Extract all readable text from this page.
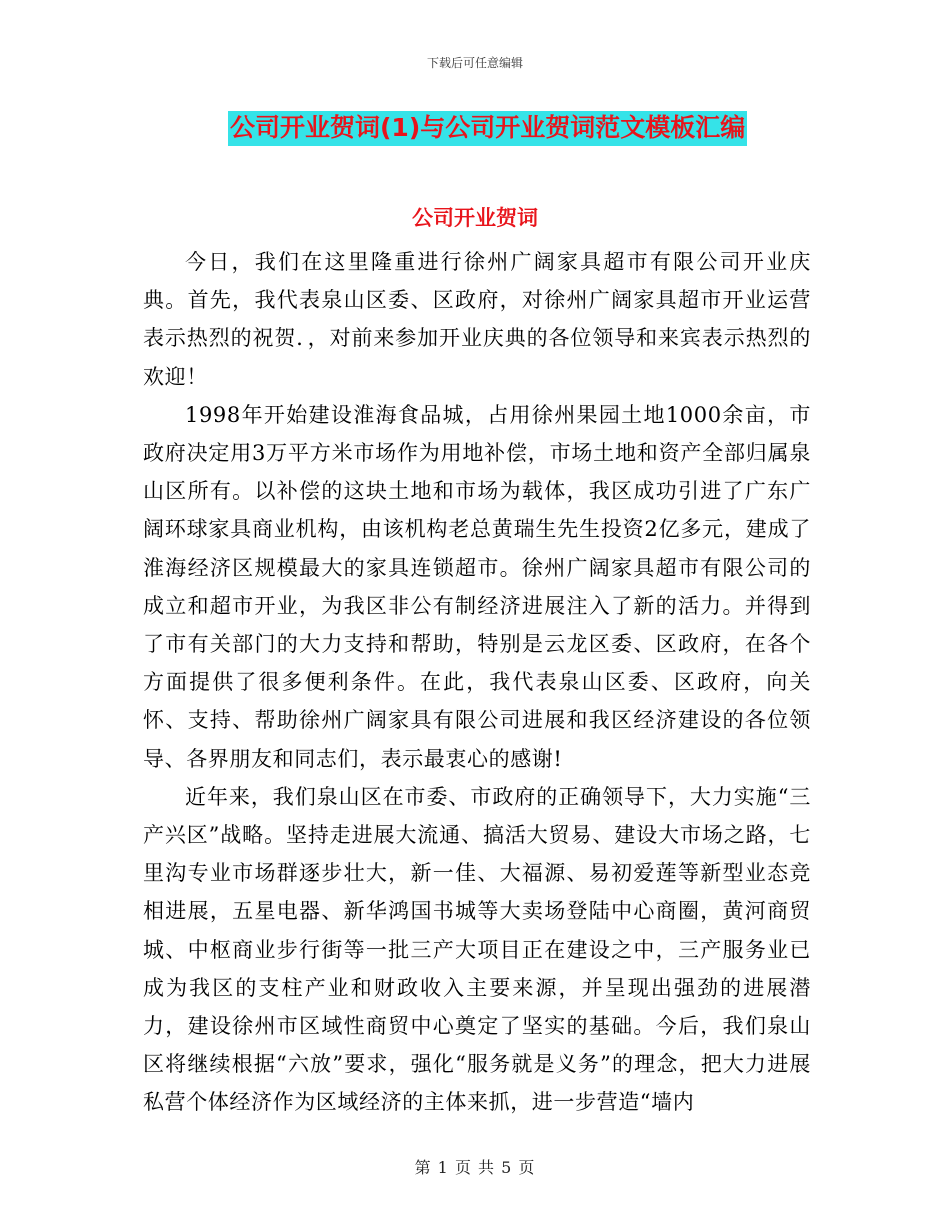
下载后可任意编辑
公司开业贺词(1)与公司开业贺词范文模板汇编
公司开业贺词

今日，我们在这里隆重进行徐州广阔家具超市有限公司开业庆典。首先，我代表泉山区委、区政府，对徐州广阔家具超市开业运营表示热烈的祝贺．，对前来参加开业庆典的各位领导和来宾表示热烈的欢迎！

1998年开始建设淮海食品城，占用徐州果园土地1000余亩，市政府决定用3万平方米市场作为用地补偿，市场土地和资产全部归属泉山区所有。以补偿的这块土地和市场为载体，我区成功引进了广东广阔环球家具商业机构，由该机构老总黄瑞生先生投资2亿多元，建成了淮海经济区规模最大的家具连锁超市。徐州广阔家具超市有限公司的成立和超市开业，为我区非公有制经济进展注入了新的活力。并得到了市有关部门的大力支持和帮助，特别是云龙区委、区政府，在各个方面提供了很多便利条件。在此，我代表泉山区委、区政府，向关怀、支持、帮助徐州广阔家具有限公司进展和我区经济建设的各位领导、各界朋友和同志们，表示最衷心的感谢!

近年来，我们泉山区在市委、市政府的正确领导下，大力实施“三产兴区”战略。坚持走进展大流通、搞活大贸易、建设大市场之路，七里沟专业市场群逐步壮大，新一佳、大福源、易初爱莲等新型业态竞相进展，五星电器、新华鸿国书城等大卖场登陆中心商圈，黄河商贸城、中枢商业步行街等一批三产大项目正在建设之中，三产服务业已成为我区的支柱产业和财政收入主要来源，并呈现出强劲的进展潜力，建设徐州市区域性商贸中心奠定了坚实的基础。今后，我们泉山区将继续根据“六放”要求，强化“服务就是义务”的理念，把大力进展私营个体经济作为区域经济的主体来抓，进一步营造“墙内

第 1 页 共 5 页
